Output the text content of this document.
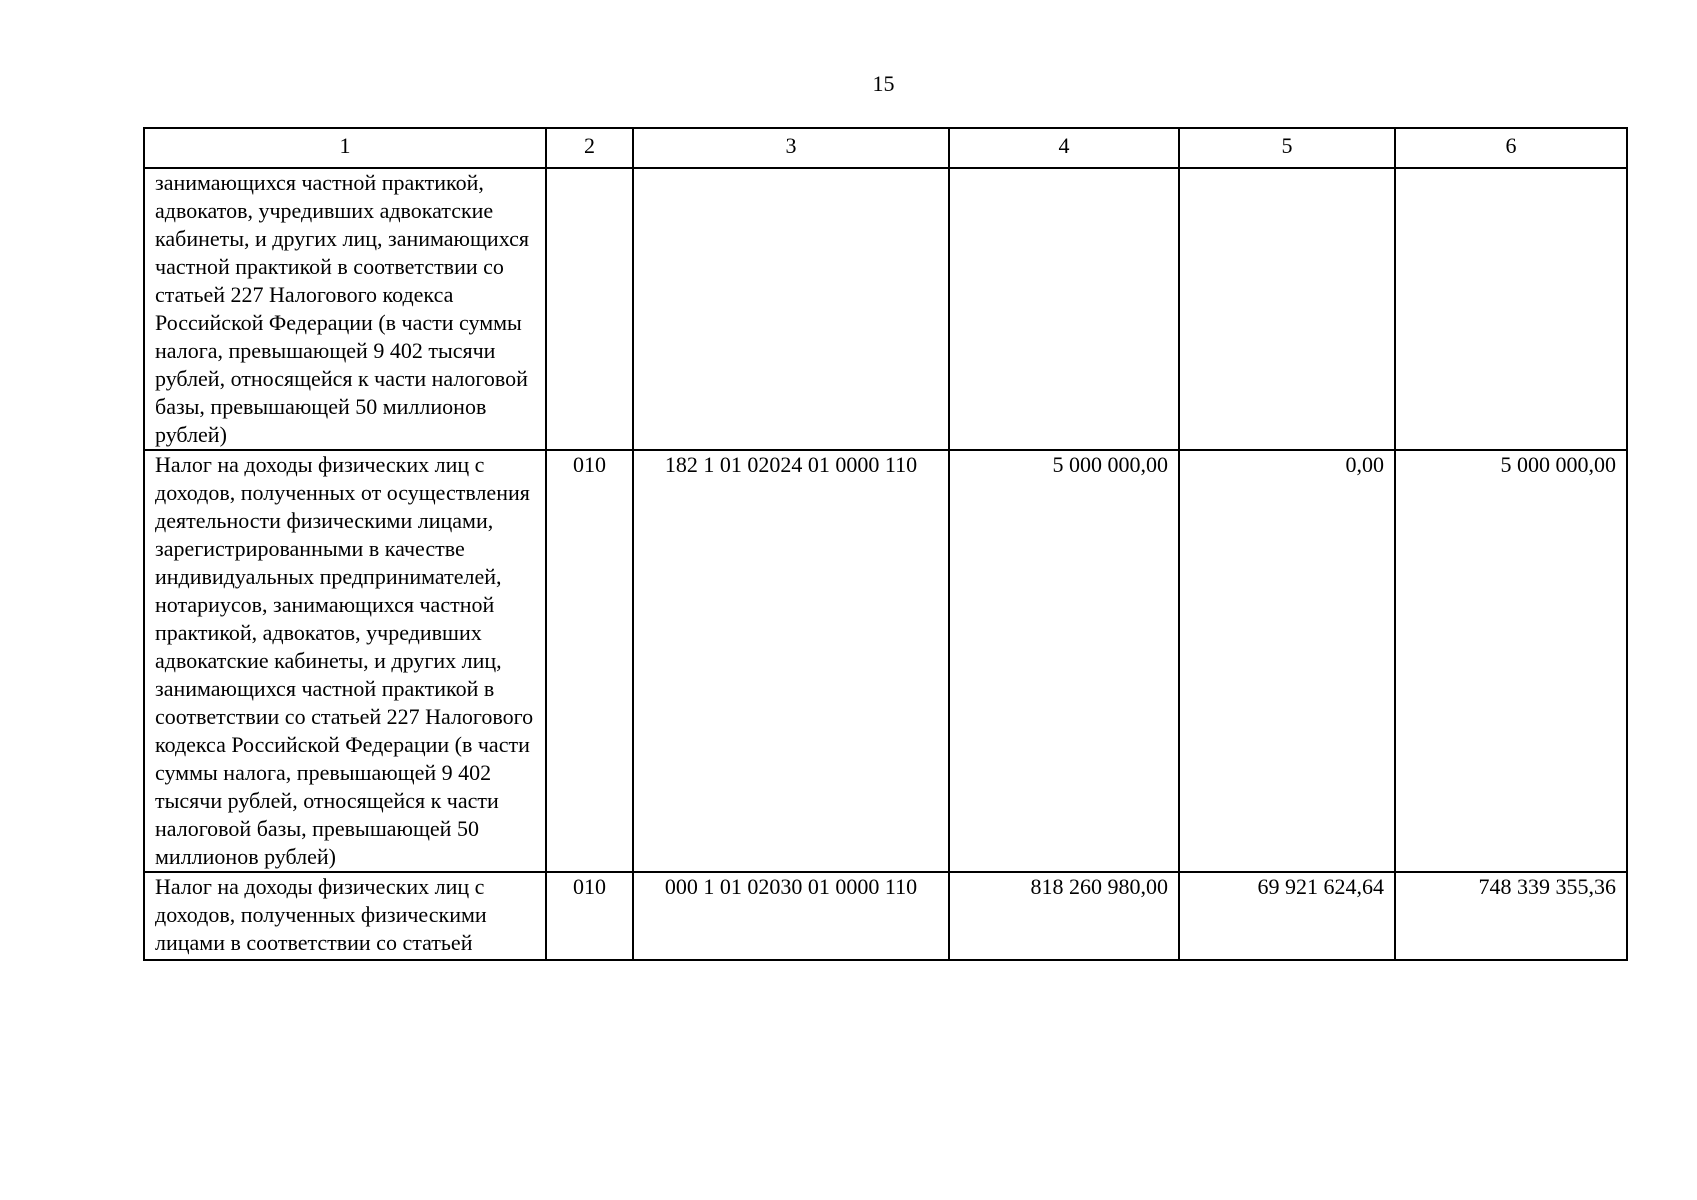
15
1	2	3	4	5	6
занимающихся частной практикой, адвокатов, учредивших адвокатские кабинеты, и других лиц, занимающихся частной практикой в соответствии со статьей 227 Налогового кодекса Российской Федерации (в части суммы налога, превышающей 9 402 тысячи рублей, относящейся к части налоговой базы, превышающей 50 миллионов рублей)					
Налог на доходы физических лиц с доходов, полученных от осуществления деятельности физическими лицами, зарегистрированными в качестве индивидуальных предпринимателей, нотариусов, занимающихся частной практикой, адвокатов, учредивших адвокатские кабинеты, и других лиц, занимающихся частной практикой в соответствии со статьей 227 Налогового кодекса Российской Федерации (в части суммы налога, превышающей 9 402 тысячи рублей, относящейся к части налоговой базы, превышающей 50 миллионов рублей)	010	182 1 01 02024 01 0000 110	5 000 000,00	0,00	5 000 000,00
Налог на доходы физических лиц с доходов, полученных физическими лицами в соответствии со статьей	010	000 1 01 02030 01 0000 110	818 260 980,00	69 921 624,64	748 339 355,36
